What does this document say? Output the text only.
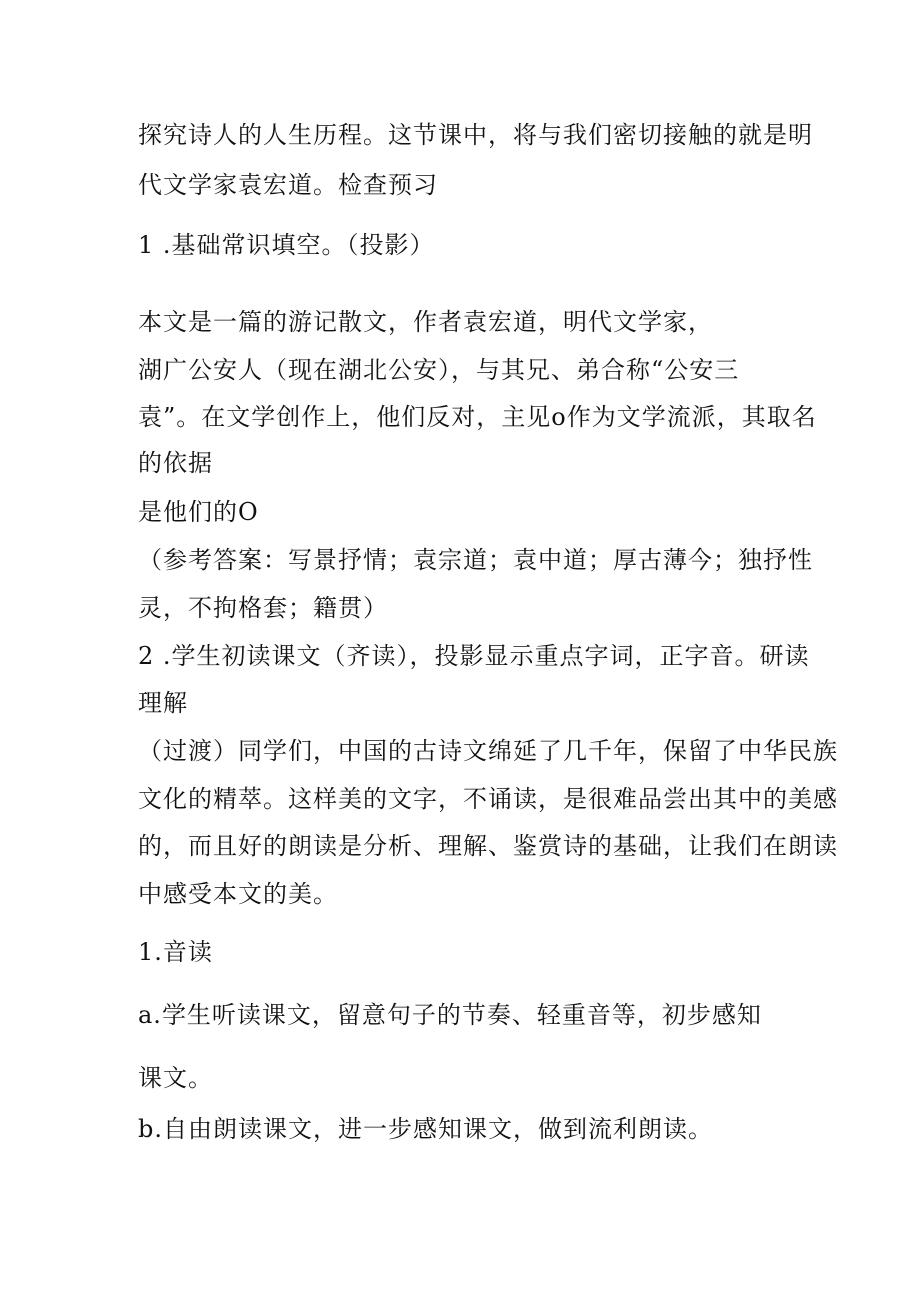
探究诗人的人生历程。这节课中，将与我们密切接触的就是明
代文学家袁宏道。检查预习
1 .基础常识填空。（投影）
本文是一篇的游记散文，作者袁宏道，明代文学家，
湖广公安人（现在湖北公安），与其兄、弟合称“公安三
袁”。在文学创作上，他们反对，主见o作为文学流派，其取名
的依据
是他们的O
（参考答案：写景抒情；袁宗道；袁中道；厚古薄今；独抒性
灵，不拘格套；籍贯）
2 .学生初读课文（齐读），投影显示重点字词，正字音。研读
理解
（过渡）同学们，中国的古诗文绵延了几千年，保留了中华民族
文化的精萃。这样美的文字，不诵读，是很难品尝出其中的美感
的，而且好的朗读是分析、理解、鉴赏诗的基础，让我们在朗读
中感受本文的美。
1.音读
a.学生听读课文，留意句子的节奏、轻重音等，初步感知
课文。
b.自由朗读课文，进一步感知课文，做到流利朗读。
